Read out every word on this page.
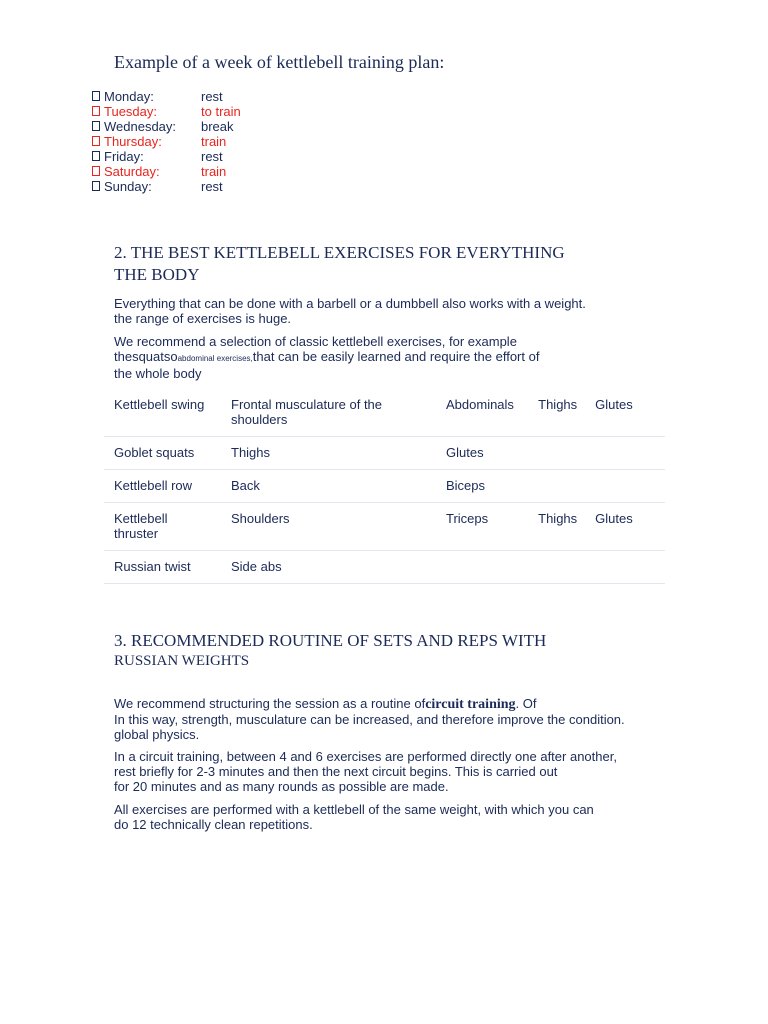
Example of a week of kettlebell training plan:
Monday:	rest
Tuesday:	to train
Wednesday: break
Thursday:	train
Friday:	rest
Saturday:	train
Sunday:	rest
2. THE BEST KETTLEBELL EXERCISES FOR EVERYTHING
THE BODY
Everything that can be done with a barbell or a dumbbell also works with a weight.
the range of exercises is huge.
We recommend a selection of classic kettlebell exercises, for example
thesquatsoabdominal exercises,that can be easily learned and require the effort of
the whole body
Kettlebell swing	Frontal musculature of the shoulders	Abdominals	Thighs	Glutes
Goblet squats	Thighs	Glutes		
Kettlebell row	Back	Biceps		
Kettlebell thruster	Shoulders	Triceps	Thighs	Glutes
Russian twist	Side abs			
3. RECOMMENDED ROUTINE OF SETS AND REPS WITH
RUSSIAN WEIGHTS
We recommend structuring the session as a routine ofcircuit training. Of
In this way, strength, musculature can be increased, and therefore improve the condition.
global physics.
In a circuit training, between 4 and 6 exercises are performed directly one after another,
rest briefly for 2-3 minutes and then the next circuit begins. This is carried out
for 20 minutes and as many rounds as possible are made.
All exercises are performed with a kettlebell of the same weight, with which you can
do 12 technically clean repetitions.
